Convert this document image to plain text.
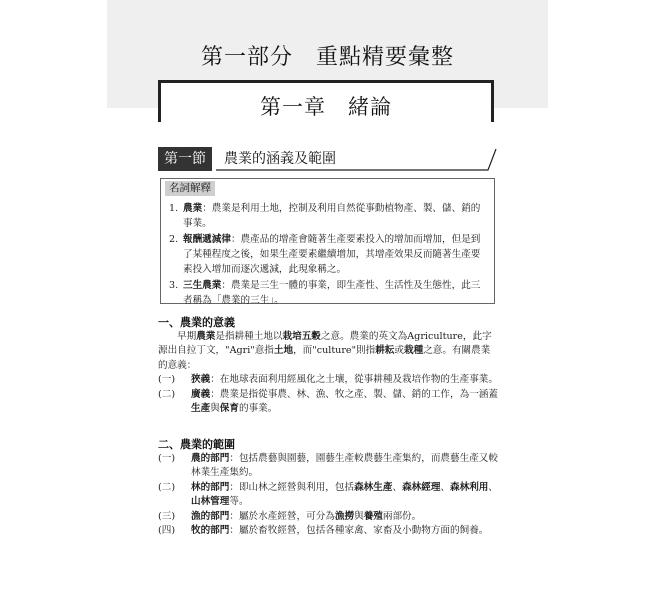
第一部分　重點精要彙整
第一章　緒論
第一節	農業的涵義及範圍
名詞解釋
1. 農業：農業是利用土地，控制及利用自然從事動植物產、製、儲、銷的事業。
2. 報酬遞減律：農產品的增產會隨著生產要素投入的增加而增加，但是到了某種程度之後，如果生產要素繼續增加，其增產效果反而隨著生產要素投入增加而逐次遞減，此現象稱之。
3. 三生農業：農業是三生一體的事業，即生產性、生活性及生態性，此三者稱為「農業的三生」。
一、農業的意義
早期農業是指耕種土地以栽培五穀之意。農業的英文為Agriculture，此字源出自拉丁文，"Agri"意指土地，而"culture"則指耕耘或栽種之意。有關農業的意義：
(一) 狹義：在地球表面利用經風化之土壤，從事耕種及栽培作物的生產事業。
(二) 廣義：農業是指從事農、林、漁、牧之產、製、儲、銷的工作，為一涵蓋生產與保育的事業。
二、農業的範圍
(一) 農的部門：包括農藝與園藝，園藝生產較農藝生產集約，而農藝生產又較林業生產集約。
(二) 林的部門：即山林之經營與利用，包括森林生產、森林經理、森林利用、山林管理等。
(三) 漁的部門：屬於水產經營，可分為漁撈與養殖兩部份。
(四) 牧的部門：屬於畜牧經營，包括各種家禽、家畜及小動物方面的飼養。
